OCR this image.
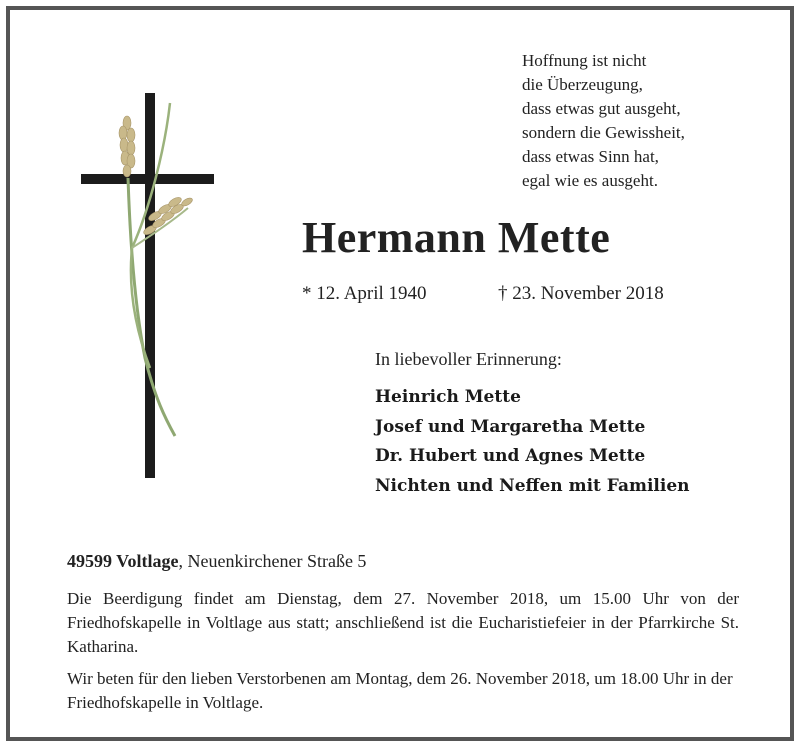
Hoffnung ist nicht
die Überzeugung,
dass etwas gut ausgeht,
sondern die Gewissheit,
dass etwas Sinn hat,
egal wie es ausgeht.
Hermann Mette
* 12. April 1940	† 23. November 2018
In liebevoller Erinnerung:
Heinrich Mette
Josef und Margaretha Mette
Dr. Hubert und Agnes Mette
Nichten und Neffen mit Familien
49599 Voltlage, Neuenkirchener Straße 5
Die Beerdigung findet am Dienstag, dem 27. November 2018, um 15.00 Uhr von der Friedhofskapelle in Voltlage aus statt; anschließend ist die Eucharistiefeier in der Pfarrkirche St. Katharina.
Wir beten für den lieben Verstorbenen am Montag, dem 26. November 2018, um 18.00 Uhr in der Friedhofskapelle in Voltlage.
